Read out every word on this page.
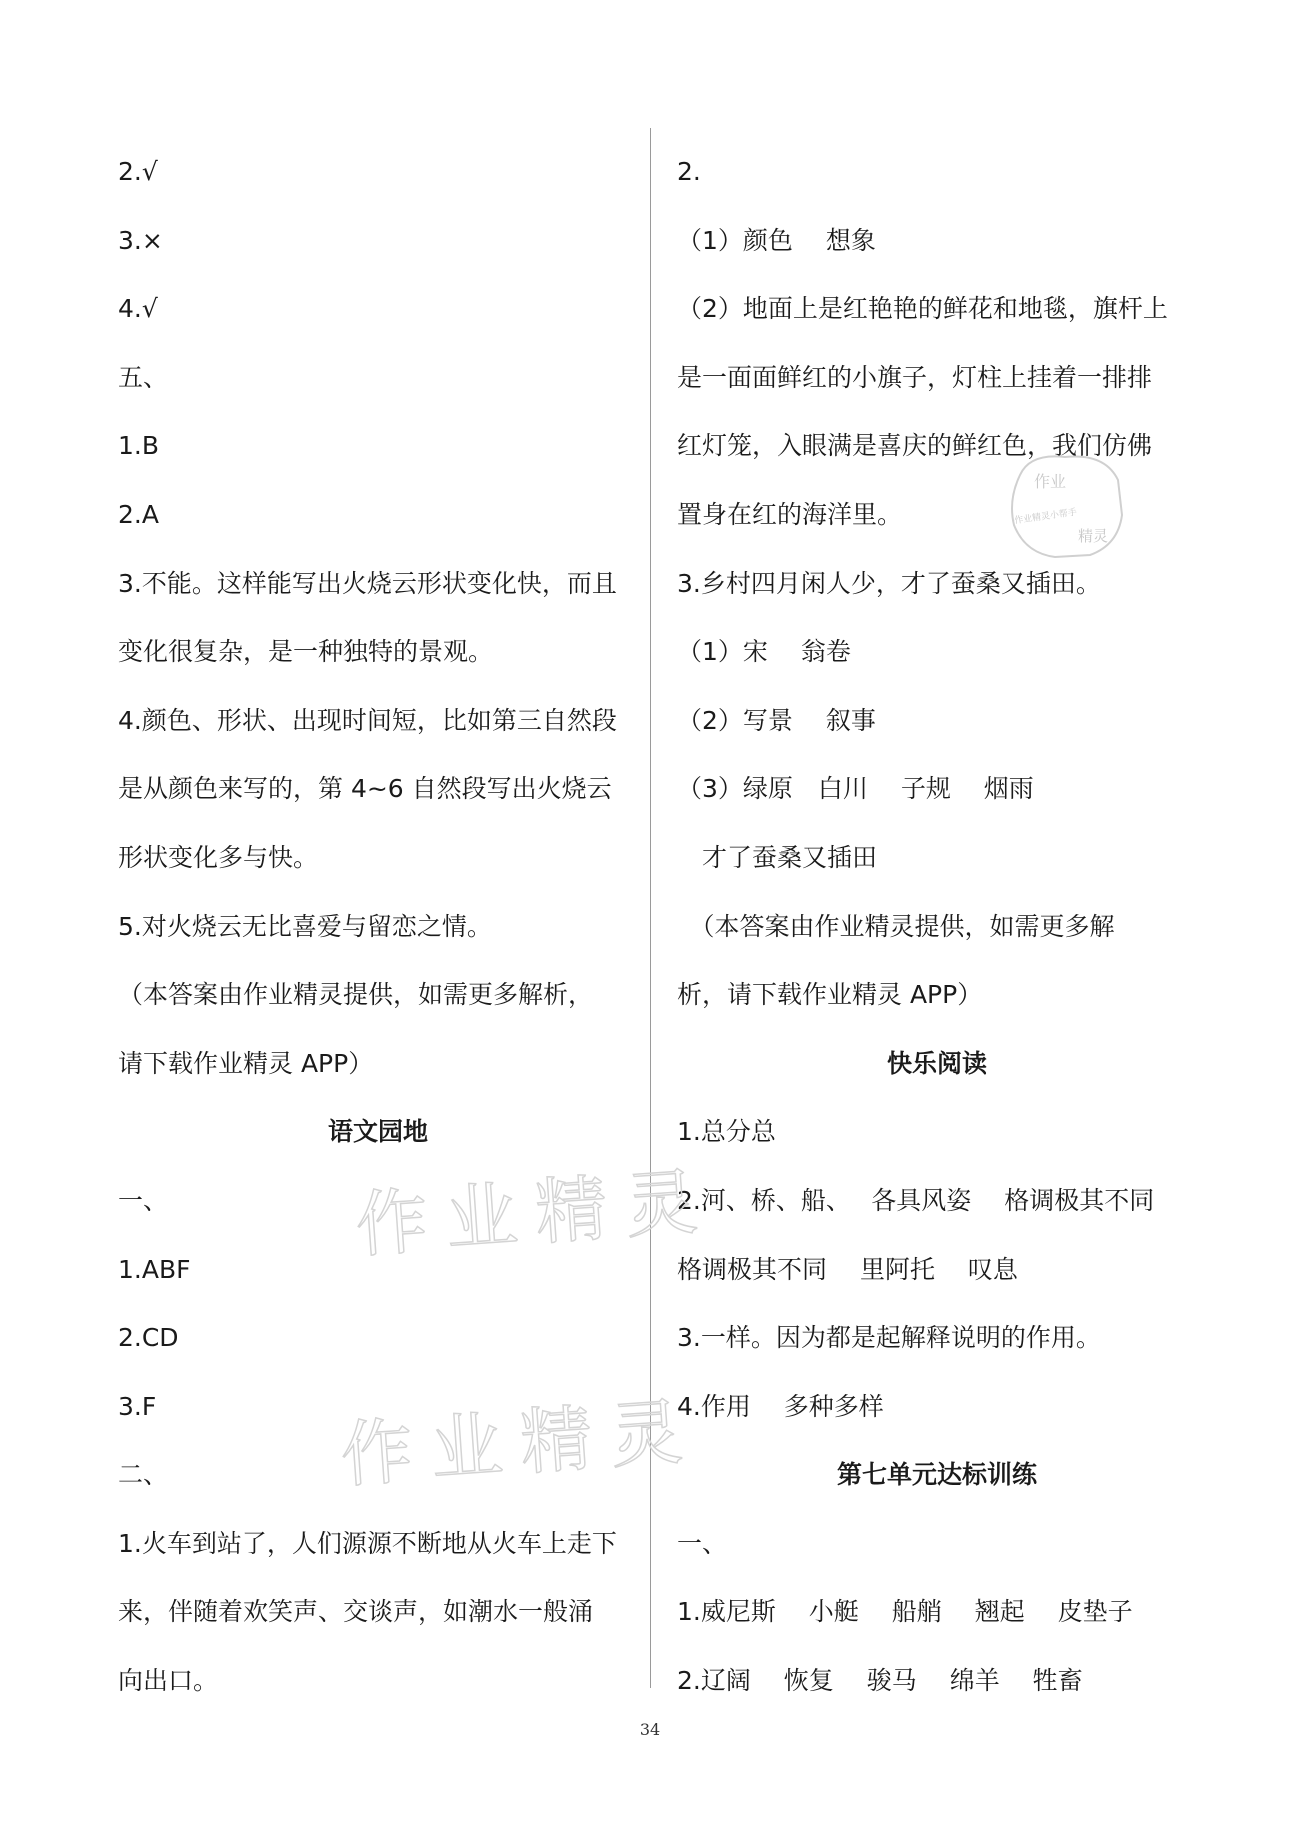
2.√
3.×
4.√
五、
1.B
2.A
3.不能。这样能写出火烧云形状变化快，而且
变化很复杂，是一种独特的景观。
4.颜色、形状、出现时间短，比如第三自然段
是从颜色来写的，第 4~6 自然段写出火烧云
形状变化多与快。
5.对火烧云无比喜爱与留恋之情。
（本答案由作业精灵提供，如需更多解析，
请下载作业精灵 APP）
语文园地
一、
1.ABF
2.CD
3.F
二、
1.火车到站了，人们源源不断地从火车上走下
来，伴随着欢笑声、交谈声，如潮水一般涌
向出口。
2.
（1）颜色　 想象
（2）地面上是红艳艳的鲜花和地毯，旗杆上
是一面面鲜红的小旗子，灯柱上挂着一排排
红灯笼，入眼满是喜庆的鲜红色，我们仿佛
置身在红的海洋里。
3.乡村四月闲人少，才了蚕桑又插田。
（1）宋　 翁卷
（2）写景　 叙事
（3）绿原　白川　 子规　 烟雨
　才了蚕桑又插田
　（本答案由作业精灵提供，如需更多解
析，请下载作业精灵 APP）
快乐阅读
1.总分总
2.河、桥、船、　 各具风姿　 格调极其不同
格调极其不同　 里阿托　 叹息
3.一样。因为都是起解释说明的作用。
4.作用　 多种多样
第七单元达标训练
一、
1.威尼斯　 小艇　 船艄　 翘起　 皮垫子
2.辽阔　 恢复　 骏马　 绵羊　 牲畜
作业精灵
作业精灵
作业
作业精灵小帮手
精灵
34
